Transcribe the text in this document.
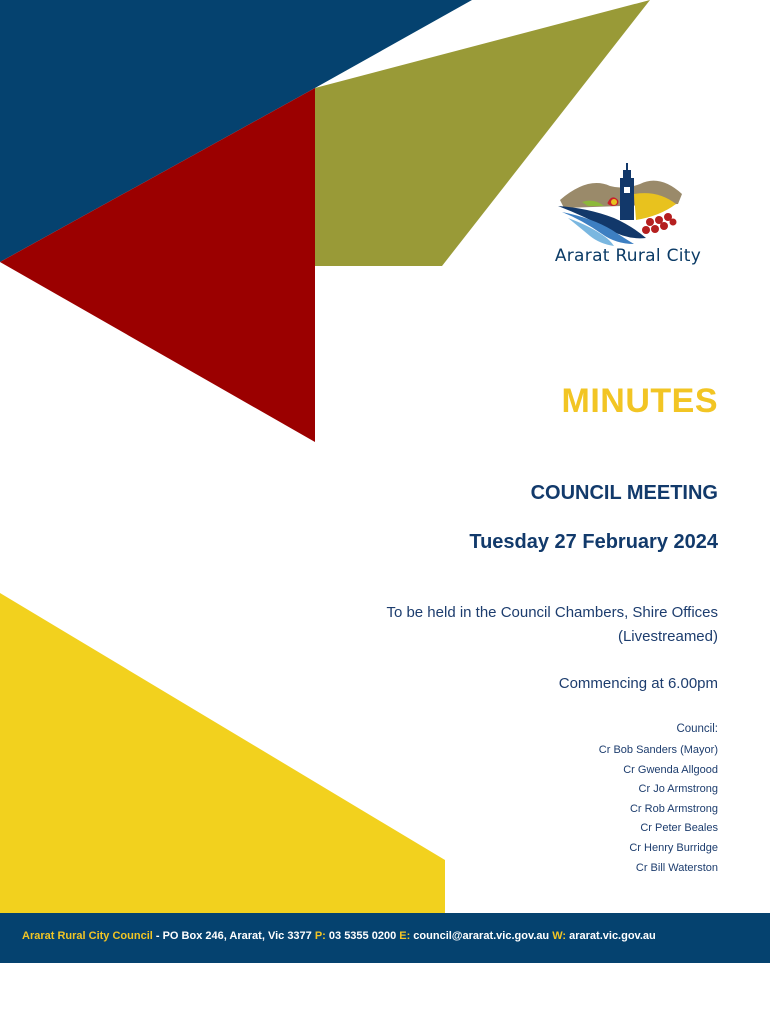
Ararat Rural City
MINUTES
COUNCIL MEETING
Tuesday 27 February 2024
To be held in the Council Chambers, Shire Offices
(Livestreamed)
Commencing at 6.00pm
Council:
Cr Bob Sanders (Mayor)
Cr Gwenda Allgood
Cr Jo Armstrong
Cr Rob Armstrong
Cr Peter Beales
Cr Henry Burridge
Cr Bill Waterston
Ararat Rural City Council - PO Box 246, Ararat, Vic 3377 P: 03 5355 0200 E: council@ararat.vic.gov.au W: ararat.vic.gov.au
